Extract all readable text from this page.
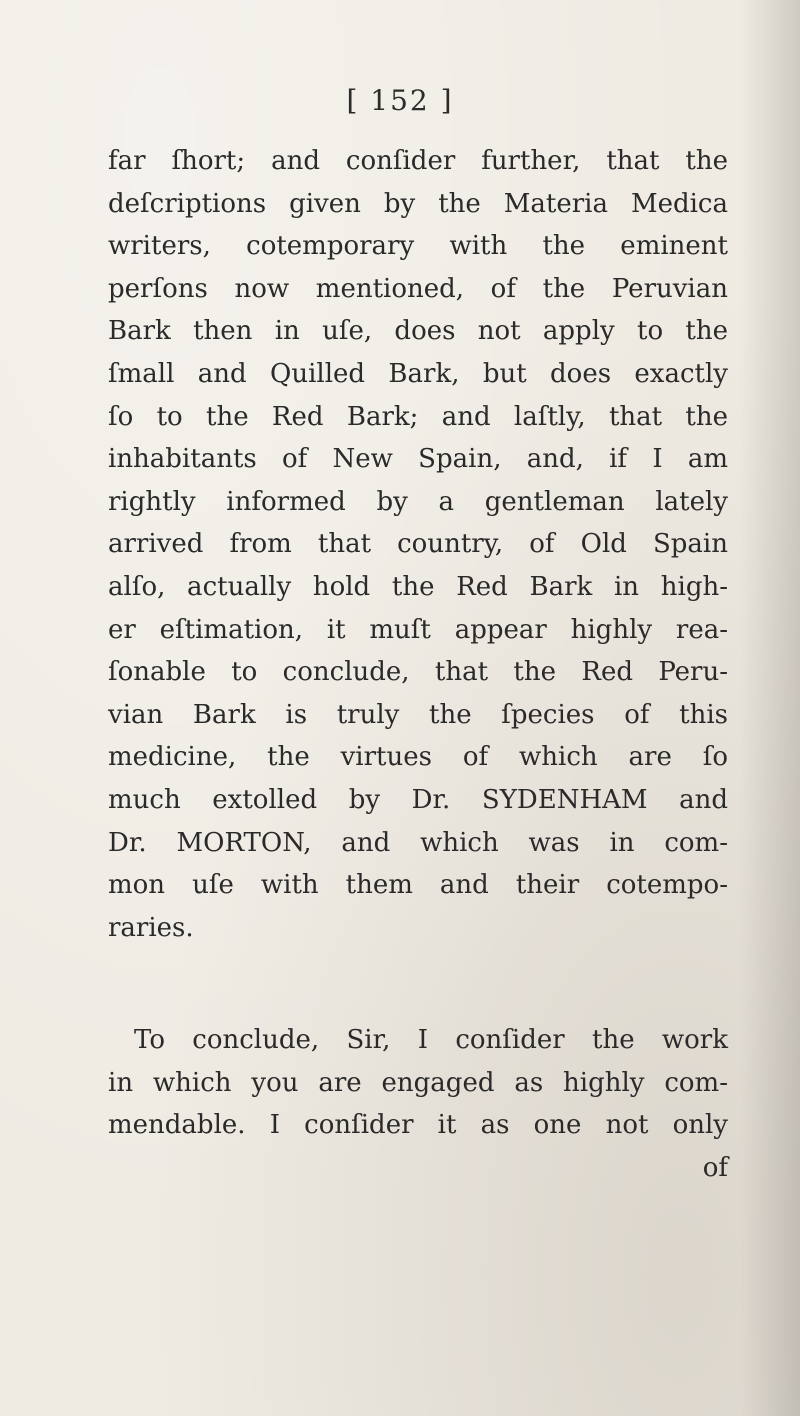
[ 152 ]
far ſhort; and conſider further, that the
deſcriptions given by the Materia Medica
writers, cotemporary with the eminent
perſons now mentioned, of the Peruvian
Bark then in uſe, does not apply to the
ſmall and Quilled Bark, but does exactly
ſo to the Red Bark; and laſtly, that the
inhabitants of New Spain, and, if I am
rightly informed by a gentleman lately
arrived from that country, of Old Spain
alſo, actually hold the Red Bark in high-
er eſtimation, it muſt appear highly rea-
ſonable to conclude, that the Red Peru-
vian Bark is truly the ſpecies of this
medicine, the virtues of which are ſo
much extolled by Dr. SYDENHAM and
Dr. MORTON, and which was in com-
mon uſe with them and their cotempo-
raries.
To conclude, Sir, I conſider the work
in which you are engaged as highly com-
mendable. I conſider it as one not only
of
